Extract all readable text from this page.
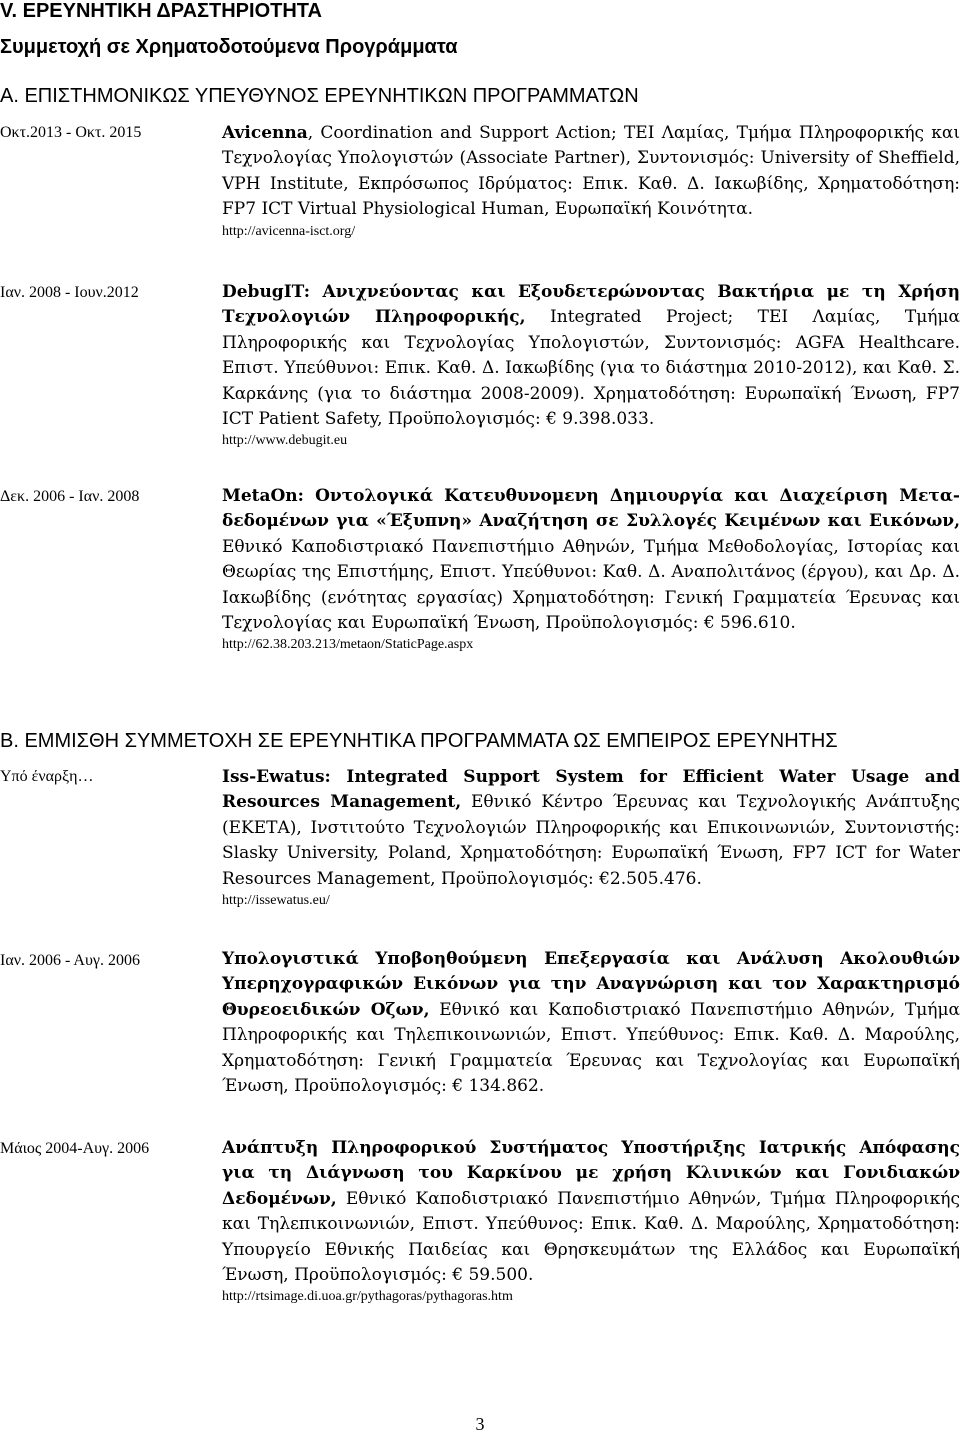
V. ΕΡΕΥΝΗΤΙΚΗ ΔΡΑΣΤΗΡΙΟΤΗΤΑ
Συμμετοχή σε Χρηματοδοτούμενα Προγράμματα
Α. ΕΠΙΣΤΗΜΟΝΙΚΩΣ ΥΠΕΥΘΥΝΟΣ ΕΡΕΥΝΗΤΙΚΩΝ ΠΡΟΓΡΑΜΜΑΤΩΝ
Οκτ.2013 - Οκτ. 2015	Avicenna, Coordination and Support Action; ΤΕΙ Λαμίας, Τμήμα Πληροφορικής και Τεχνολογίας Υπολογιστών (Associate Partner), Συντονισμός: University of Sheffield, VPH Institute, Εκπρόσωπος Ιδρύματος: Επικ. Καθ. Δ. Ιακωβίδης, Χρηματοδότηση: FP7 ICT Virtual Physiological Human, Ευρωπαϊκή Κοινότητα.
http://avicenna-isct.org/
Ιαν. 2008 - Ιουν.2012	DebugIT: Ανιχνεύοντας και Εξουδετερώνοντας Βακτήρια με τη Χρήση Τεχνολογιών Πληροφορικής, Integrated Project; ΤΕΙ Λαμίας, Τμήμα Πληροφορικής και Τεχνολογίας Υπολογιστών, Συντονισμός: AGFA Healthcare. Επιστ. Υπεύθυνοι: Επικ. Καθ. Δ. Ιακωβίδης (για το διάστημα 2010-2012), και Καθ. Σ. Καρκάνης (για το διάστημα 2008-2009). Χρηματοδότηση: Ευρωπαϊκή Ένωση, FP7 ICT Patient Safety, Προϋπολογισμός: € 9.398.033.
http://www.debugit.eu
Δεκ. 2006 - Ιαν. 2008	MetaOn: Οντολογικά Κατευθυνομενη Δημιουργία και Διαχείριση Μετα-δεδομένων για «Έξυπνη» Αναζήτηση σε Συλλογές Κειμένων και Εικόνων, Εθνικό Καποδιστριακό Πανεπιστήμιο Αθηνών, Τμήμα Μεθοδολογίας, Ιστορίας και Θεωρίας της Επιστήμης, Επιστ. Υπεύθυνοι: Καθ. Δ. Αναπολιτάνος (έργου), και Δρ. Δ. Ιακωβίδης (ενότητας εργασίας) Χρηματοδότηση: Γενική Γραμματεία Έρευνας και Τεχνολογίας και Ευρωπαϊκή Ένωση, Προϋπολογισμός: € 596.610.
http://62.38.203.213/metaon/StaticPage.aspx
Β. ΕΜΜΙΣΘΗ ΣΥΜΜΕΤΟΧΗ ΣΕ ΕΡΕΥΝΗΤΙΚΑ ΠΡΟΓΡΑΜΜΑΤΑ ΩΣ ΕΜΠΕΙΡΟΣ ΕΡΕΥΝΗΤΗΣ
Υπό έναρξη…	Iss-Ewatus: Integrated Support System for Efficient Water Usage and Resources Management, Εθνικό Κέντρο Έρευνας και Τεχνολογικής Ανάπτυξης (ΕΚΕΤΑ), Ινστιτούτο Τεχνολογιών Πληροφορικής και Επικοινωνιών, Συντονιστής: Slasky University, Poland, Χρηματοδότηση: Ευρωπαϊκή Ένωση, FP7 ICT for Water Resources Management, Προϋπολογισμός: €2.505.476.
http://issewatus.eu/
Ιαν. 2006 - Αυγ. 2006	Υπολογιστικά Υποβοηθούμενη Επεξεργασία και Ανάλυση Ακολουθιών Υπερηχογραφικών Εικόνων για την Αναγνώριση και τον Χαρακτηρισμό Θυρεοειδικών Οζων, Εθνικό και Καποδιστριακό Πανεπιστήμιο Αθηνών, Τμήμα Πληροφορικής και Τηλεπικοινωνιών, Επιστ. Υπεύθυνος: Επικ. Καθ. Δ. Μαρούλης, Χρηματοδότηση: Γενική Γραμματεία Έρευνας και Τεχνολογίας και Ευρωπαϊκή Ένωση, Προϋπολογισμός: € 134.862.
Μάιος 2004-Αυγ. 2006	Ανάπτυξη Πληροφορικού Συστήματος Υποστήριξης Ιατρικής Απόφασης για τη Διάγνωση του Καρκίνου με χρήση Κλινικών και Γονιδιακών Δεδομένων, Εθνικό Καποδιστριακό Πανεπιστήμιο Αθηνών, Τμήμα Πληροφορικής και Τηλεπικοινωνιών, Επιστ. Υπεύθυνος: Επικ. Καθ. Δ. Μαρούλης, Χρηματοδότηση: Υπουργείο Εθνικής Παιδείας και Θρησκευμάτων της Ελλάδος και Ευρωπαϊκή Ένωση, Προϋπολογισμός: € 59.500.
http://rtsimage.di.uoa.gr/pythagoras/pythagoras.htm
3
